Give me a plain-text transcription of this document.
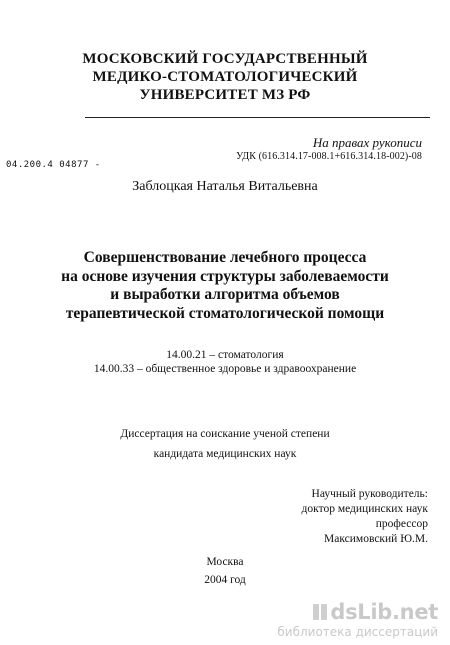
МОСКОВСКИЙ ГОСУДАРСТВЕННЫЙ
МЕДИКО-СТОМАТОЛОГИЧЕСКИЙ
УНИВЕРСИТЕТ МЗ РФ
На правах рукописи
УДК (616.314.17-008.1+616.314.18-002)-08
04.200.4 04877 -
Заблоцкая Наталья Витальевна
Совершенствование лечебного процесса
на основе изучения структуры заболеваемости
и выработки алгоритма объемов
терапевтической стоматологической помощи
14.00.21 – стоматология
14.00.33 – общественное здоровье и здравоохранение
Диссертация на соискание ученой степени
кандидата медицинских наук
Научный руководитель:
доктор медицинских наук
профессор
Максимовский Ю.М.
Москва
2004 год
dsLib.net
библиотека диссертаций
